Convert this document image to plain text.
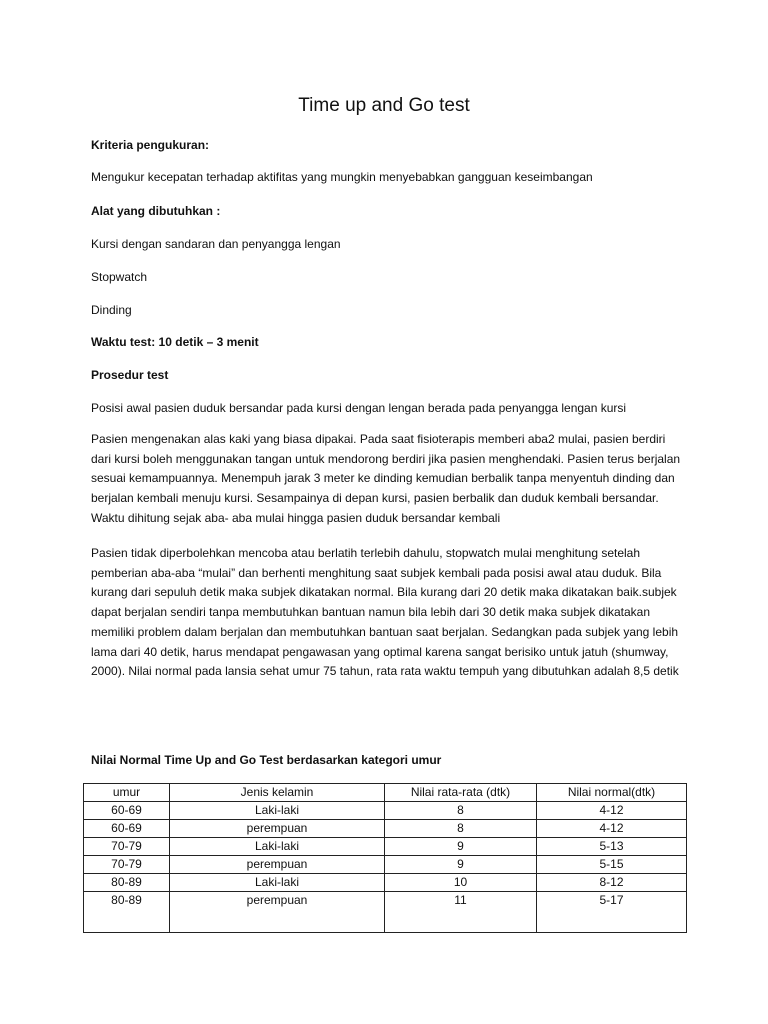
Time up and Go test
Kriteria pengukuran:
Mengukur kecepatan terhadap aktifitas yang mungkin menyebabkan gangguan keseimbangan
Alat yang dibutuhkan :
Kursi dengan sandaran dan penyangga lengan
Stopwatch
Dinding
Waktu test: 10 detik – 3 menit
Prosedur test
Posisi awal pasien duduk bersandar pada kursi dengan lengan berada pada penyangga lengan kursi
Pasien mengenakan alas kaki yang biasa dipakai. Pada saat fisioterapis memberi aba2 mulai, pasien berdiri dari kursi boleh menggunakan tangan untuk mendorong berdiri jika pasien menghendaki. Pasien terus berjalan sesuai kemampuannya. Menempuh jarak 3 meter ke dinding kemudian berbalik tanpa menyentuh dinding dan berjalan kembali menuju kursi. Sesampainya di depan kursi, pasien berbalik dan duduk kembali bersandar. Waktu dihitung sejak aba- aba mulai hingga pasien duduk bersandar kembali
Pasien tidak diperbolehkan mencoba atau berlatih terlebih dahulu, stopwatch mulai menghitung setelah pemberian aba-aba “mulai” dan berhenti menghitung saat subjek kembali pada posisi awal atau duduk. Bila kurang dari sepuluh detik maka subjek dikatakan normal. Bila kurang dari 20 detik maka dikatakan baik.subjek dapat berjalan sendiri tanpa membutuhkan bantuan namun bila lebih dari 30 detik maka subjek dikatakan memiliki problem dalam berjalan dan membutuhkan bantuan saat berjalan. Sedangkan pada subjek yang lebih lama dari 40 detik, harus mendapat pengawasan yang optimal karena sangat berisiko untuk jatuh (shumway, 2000). Nilai normal pada lansia sehat umur 75 tahun, rata rata waktu tempuh yang dibutuhkan adalah 8,5 detik
Nilai Normal Time Up and Go Test berdasarkan kategori umur
umur	Jenis kelamin	Nilai rata-rata (dtk)	Nilai normal(dtk)
60-69	Laki-laki	8	4-12
60-69	perempuan	8	4-12
70-79	Laki-laki	9	5-13
70-79	perempuan	9	5-15
80-89	Laki-laki	10	8-12
80-89	perempuan	11	5-17
